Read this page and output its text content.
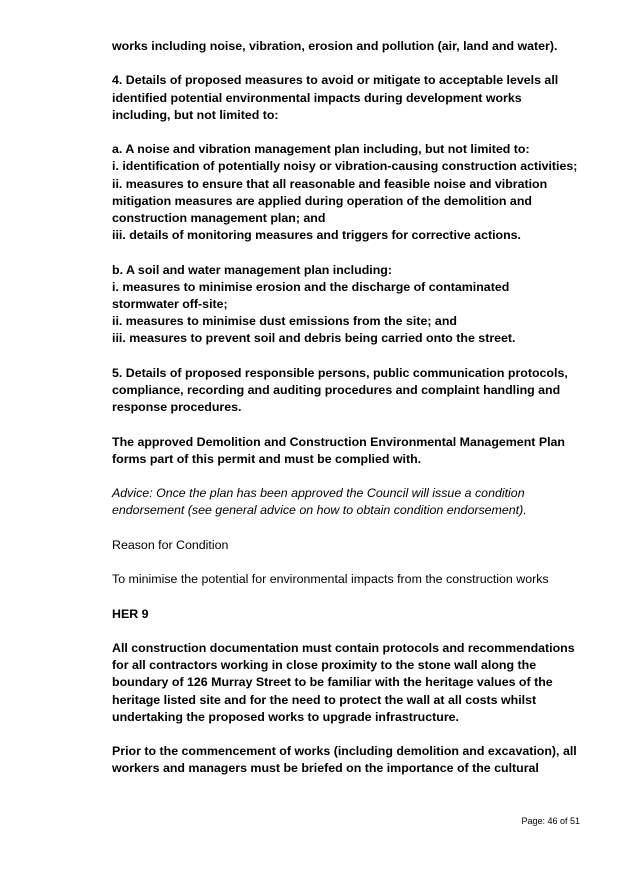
works including noise, vibration, erosion and pollution (air, land and water).
4. Details of proposed measures to avoid or mitigate to acceptable levels all
identified potential environmental impacts during development works
including, but not limited to:
a. A noise and vibration management plan including, but not limited to:
i. identification of potentially noisy or vibration-causing construction activities;
ii. measures to ensure that all reasonable and feasible noise and vibration
mitigation measures are applied during operation of the demolition and
construction management plan; and
iii. details of monitoring measures and triggers for corrective actions.
b. A soil and water management plan including:
i. measures to minimise erosion and the discharge of contaminated
stormwater off-site;
ii. measures to minimise dust emissions from the site; and
iii. measures to prevent soil and debris being carried onto the street.
5. Details of proposed responsible persons, public communication protocols,
compliance, recording and auditing procedures and complaint handling and
response procedures.
The approved Demolition and Construction Environmental Management Plan
forms part of this permit and must be complied with.
Advice: Once the plan has been approved the Council will issue a condition
endorsement (see general advice on how to obtain condition endorsement).
Reason for Condition
To minimise the potential for environmental impacts from the construction works
HER 9
All construction documentation must contain protocols and recommendations
for all contractors working in close proximity to the stone wall along the
boundary of 126 Murray Street to be familiar with the heritage values of the
heritage listed site and for the need to protect the wall at all costs whilst
undertaking the proposed works to upgrade infrastructure.
Prior to the commencement of works (including demolition and excavation), all
workers and managers must be briefed on the importance of the cultural
Page: 46 of 51
